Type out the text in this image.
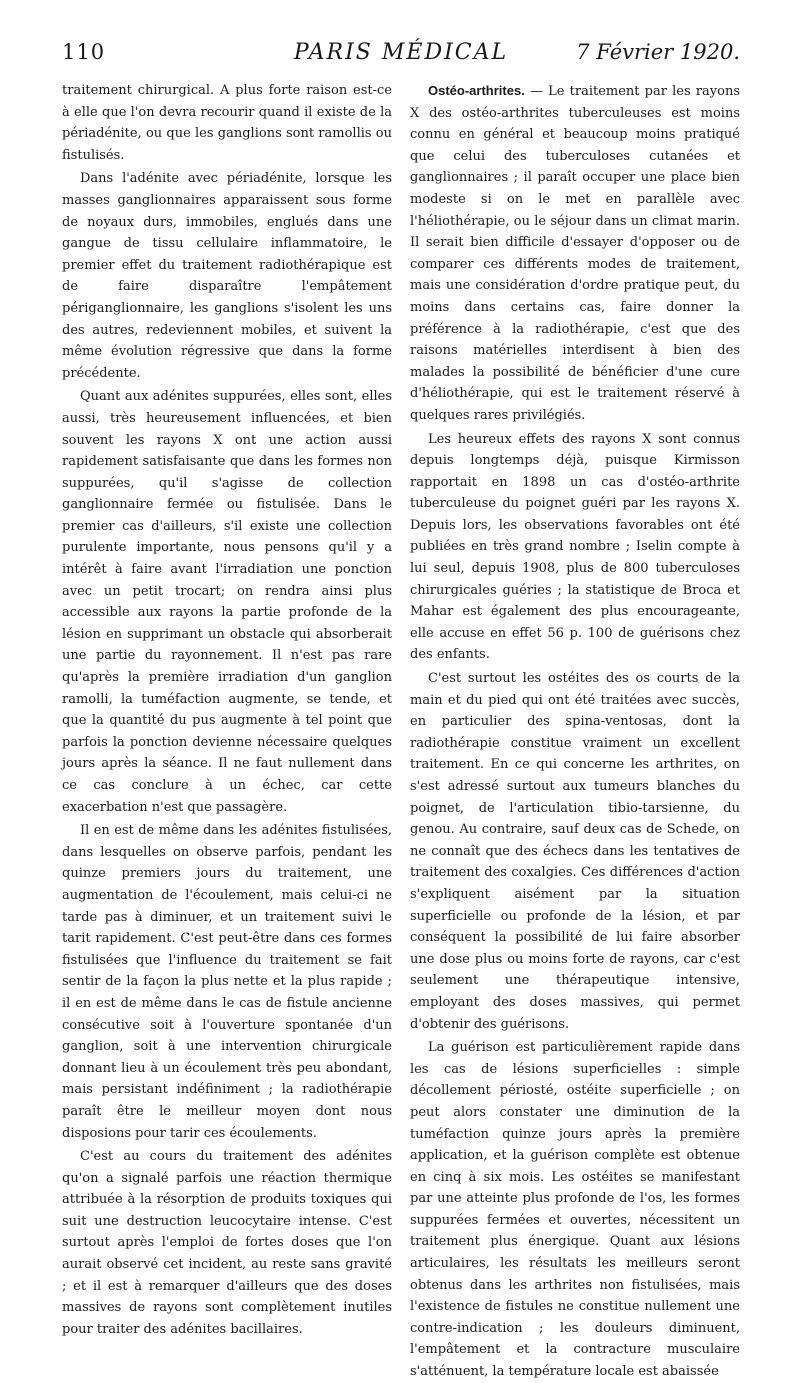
110	PARIS MÉDICAL	7 Février 1920.

traitement chirurgical. A plus forte raison est-ce à elle que l'on devra recourir quand il existe de la périadénite, ou que les ganglions sont ramollis ou fistulisés.

Dans l'adénite avec périadénite, lorsque les masses ganglionnaires apparaissent sous forme de noyaux durs, immobiles, englués dans une gangue de tissu cellulaire inflammatoire, le premier effet du traitement radiothérapique est de faire disparaître l'empâtement périganglionnaire, les ganglions s'isolent les uns des autres, redeviennent mobiles, et suivent la même évolution régressive que dans la forme précédente.

Quant aux adénites suppurées, elles sont, elles aussi, très heureusement influencées, et bien souvent les rayons X ont une action aussi rapidement satisfaisante que dans les formes non suppurées, qu'il s'agisse de collection ganglionnaire fermée ou fistulisée. Dans le premier cas d'ailleurs, s'il existe une collection purulente importante, nous pensons qu'il y a intérêt à faire avant l'irradiation une ponction avec un petit trocart; on rendra ainsi plus accessible aux rayons la partie profonde de la lésion en supprimant un obstacle qui absorberait une partie du rayonnement. Il n'est pas rare qu'après la première irradiation d'un ganglion ramolli, la tuméfaction augmente, se tende, et que la quantité du pus augmente à tel point que parfois la ponction devienne nécessaire quelques jours après la séance. Il ne faut nullement dans ce cas conclure à un échec, car cette exacerbation n'est que passagère.

Il en est de même dans les adénites fistulisées, dans lesquelles on observe parfois, pendant les quinze premiers jours du traitement, une augmentation de l'écoulement, mais celui-ci ne tarde pas à diminuer, et un traitement suivi le tarit rapidement. C'est peut-être dans ces formes fistulisées que l'influence du traitement se fait sentir de la façon la plus nette et la plus rapide ; il en est de même dans le cas de fistule ancienne consécutive soit à l'ouverture spontanée d'un ganglion, soit à une intervention chirurgicale donnant lieu à un écoulement très peu abondant, mais persistant indéfiniment ; la radiothérapie paraît être le meilleur moyen dont nous disposions pour tarir ces écoulements.

C'est au cours du traitement des adénites qu'on a signalé parfois une réaction thermique attribuée à la résorption de produits toxiques qui suit une destruction leucocytaire intense. C'est surtout après l'emploi de fortes doses que l'on aurait observé cet incident, au reste sans gravité ; et il est à remarquer d'ailleurs que des doses massives de rayons sont complètement inutiles pour traiter des adénites bacillaires.

Ostéo-arthrites. — Le traitement par les rayons X des ostéo-arthrites tuberculeuses est moins connu en général et beaucoup moins pratiqué que celui des tuberculoses cutanées et ganglionnaires ; il paraît occuper une place bien modeste si on le met en parallèle avec l'héliothérapie, ou le séjour dans un climat marin. Il serait bien difficile d'essayer d'opposer ou de comparer ces différents modes de traitement, mais une considération d'ordre pratique peut, du moins dans certains cas, faire donner la préférence à la radiothérapie, c'est que des raisons matérielles interdisent à bien des malades la possibilité de bénéficier d'une cure d'héliothérapie, qui est le traitement réservé à quelques rares privilégiés.

Les heureux effets des rayons X sont connus depuis longtemps déjà, puisque Kirmisson rapportait en 1898 un cas d'ostéo-arthrite tuberculeuse du poignet guéri par les rayons X. Depuis lors, les observations favorables ont été publiées en très grand nombre ; Iselin compte à lui seul, depuis 1908, plus de 800 tuberculoses chirurgicales guéries ; la statistique de Broca et Mahar est également des plus encourageante, elle accuse en effet 56 p. 100 de guérisons chez des enfants.

C'est surtout les ostéites des os courts de la main et du pied qui ont été traitées avec succès, en particulier des spina-ventosas, dont la radiothérapie constitue vraiment un excellent traitement. En ce qui concerne les arthrites, on s'est adressé surtout aux tumeurs blanches du poignet, de l'articulation tibio-tarsienne, du genou. Au contraire, sauf deux cas de Schede, on ne connaît que des échecs dans les tentatives de traitement des coxalgies. Ces différences d'action s'expliquent aisément par la situation superficielle ou profonde de la lésion, et par conséquent la possibilité de lui faire absorber une dose plus ou moins forte de rayons, car c'est seulement une thérapeutique intensive, employant des doses massives, qui permet d'obtenir des guérisons.

La guérison est particulièrement rapide dans les cas de lésions superficielles : simple décollement périosté, ostéite superficielle ; on peut alors constater une diminution de la tuméfaction quinze jours après la première application, et la guérison complète est obtenue en cinq à six mois. Les ostéites se manifestant par une atteinte plus profonde de l'os, les formes suppurées fermées et ouvertes, nécessitent un traitement plus énergique. Quant aux lésions articulaires, les résultats les meilleurs seront obtenus dans les arthrites non fistulisées, mais l'existence de fistules ne constitue nullement une contre-indication ; les douleurs diminuent, l'empâtement et la contracture musculaire s'atténuent, la température locale est abaissée
